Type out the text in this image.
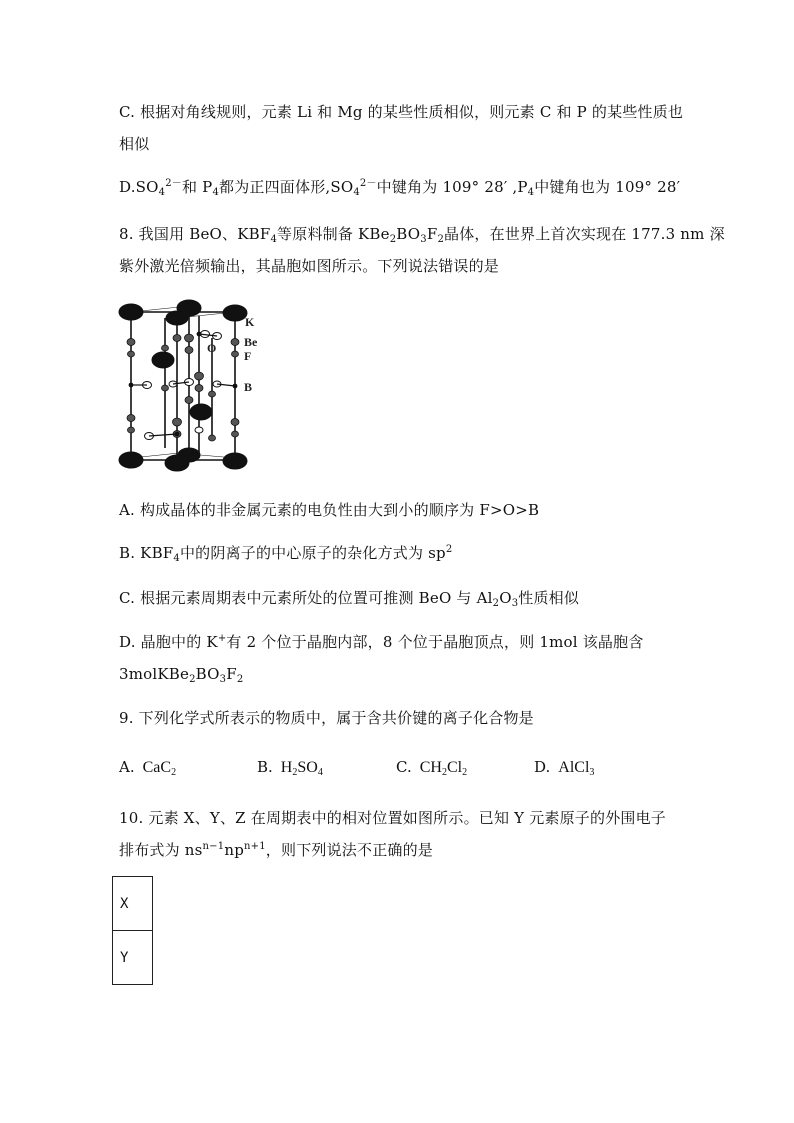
C. 根据对角线规则，元素 Li 和 Mg 的某些性质相似，则元素 C 和 P 的某些性质也
相似
$D.SO_4^{2-}$和 $P_4$都为正四面体形$,SO_4^{2-}$中键角为 109° 28′ $,P_4$中键角也为 109° 28′
8. 我国用 BeO、$KBF_4$等原料制备 $KBe_2BO_3F_2$晶体，在世界上首次实现在 177.3 nm 深
紫外激光倍频输出，其晶胞如图所示。下列说法错误的是
K
O Be
F
B
A. 构成晶体的非金属元素的电负性由大到小的顺序为 F>O>B
B. $KBF_4$中的阴离子的中心原子的杂化方式为 $sp^2$
C. 根据元素周期表中元素所处的位置可推测 BeO 与 $Al_2O_3$性质相似
D. 晶胞中的 K+有 2 个位于晶胞内部，8 个位于晶胞顶点，则 1mol 该晶胞含
$3molKBe_2BO_3F_2$
9. 下列化学式所表示的物质中，属于含共价键的离子化合物是
A. CaC$_2$	B. $H_2SO_4$	C. $CH_2Cl_2$	D. AlCl$_3$
10. 元素 X、Y、Z 在周期表中的相对位置如图所示。已知 Y 元素原子的外围电子
排布式为 $ns^{n-1}np^{n+1}$，则下列说法不正确的是
X
Y
